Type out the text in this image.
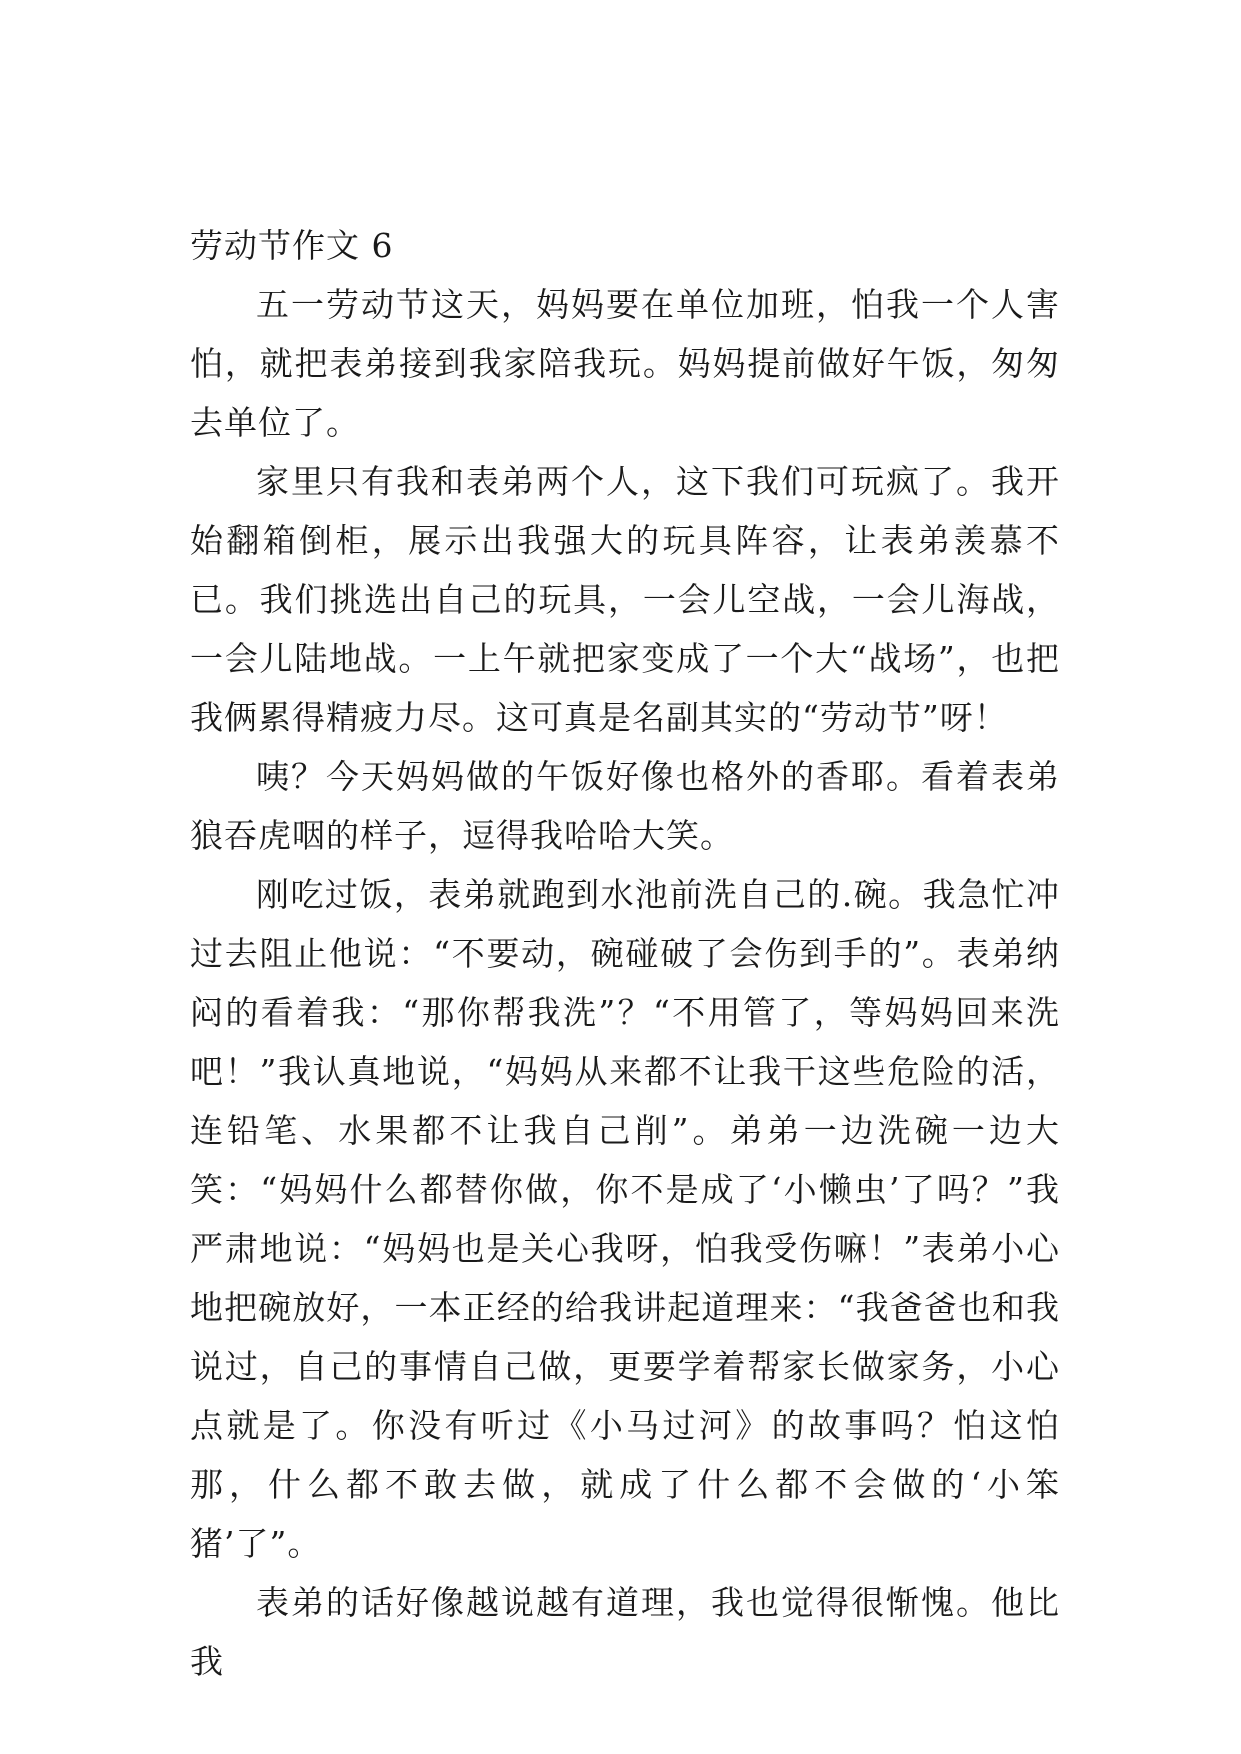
劳动节作文 6

五一劳动节这天，妈妈要在单位加班，怕我一个人害怕，就把表弟接到我家陪我玩。妈妈提前做好午饭，匆匆去单位了。

家里只有我和表弟两个人，这下我们可玩疯了。我开始翻箱倒柜，展示出我强大的玩具阵容，让表弟羡慕不已。我们挑选出自己的玩具，一会儿空战，一会儿海战，一会儿陆地战。一上午就把家变成了一个大“战场”，也把我俩累得精疲力尽。这可真是名副其实的“劳动节”呀！

咦？今天妈妈做的午饭好像也格外的香耶。看着表弟狼吞虎咽的样子，逗得我哈哈大笑。

刚吃过饭，表弟就跑到水池前洗自己的.碗。我急忙冲过去阻止他说：“不要动，碗碰破了会伤到手的”。表弟纳闷的看着我：“那你帮我洗”？“不用管了，等妈妈回来洗吧！”我认真地说，“妈妈从来都不让我干这些危险的活，连铅笔、水果都不让我自己削”。弟弟一边洗碗一边大笑：“妈妈什么都替你做，你不是成了‘小懒虫’了吗？”我严肃地说：“妈妈也是关心我呀，怕我受伤嘛！”表弟小心地把碗放好，一本正经的给我讲起道理来：“我爸爸也和我说过，自己的事情自己做，更要学着帮家长做家务，小心点就是了。你没有听过《小马过河》的故事吗？怕这怕那，什么都不敢去做，就成了什么都不会做的‘小笨猪’了”。

表弟的话好像越说越有道理，我也觉得很惭愧。他比我
